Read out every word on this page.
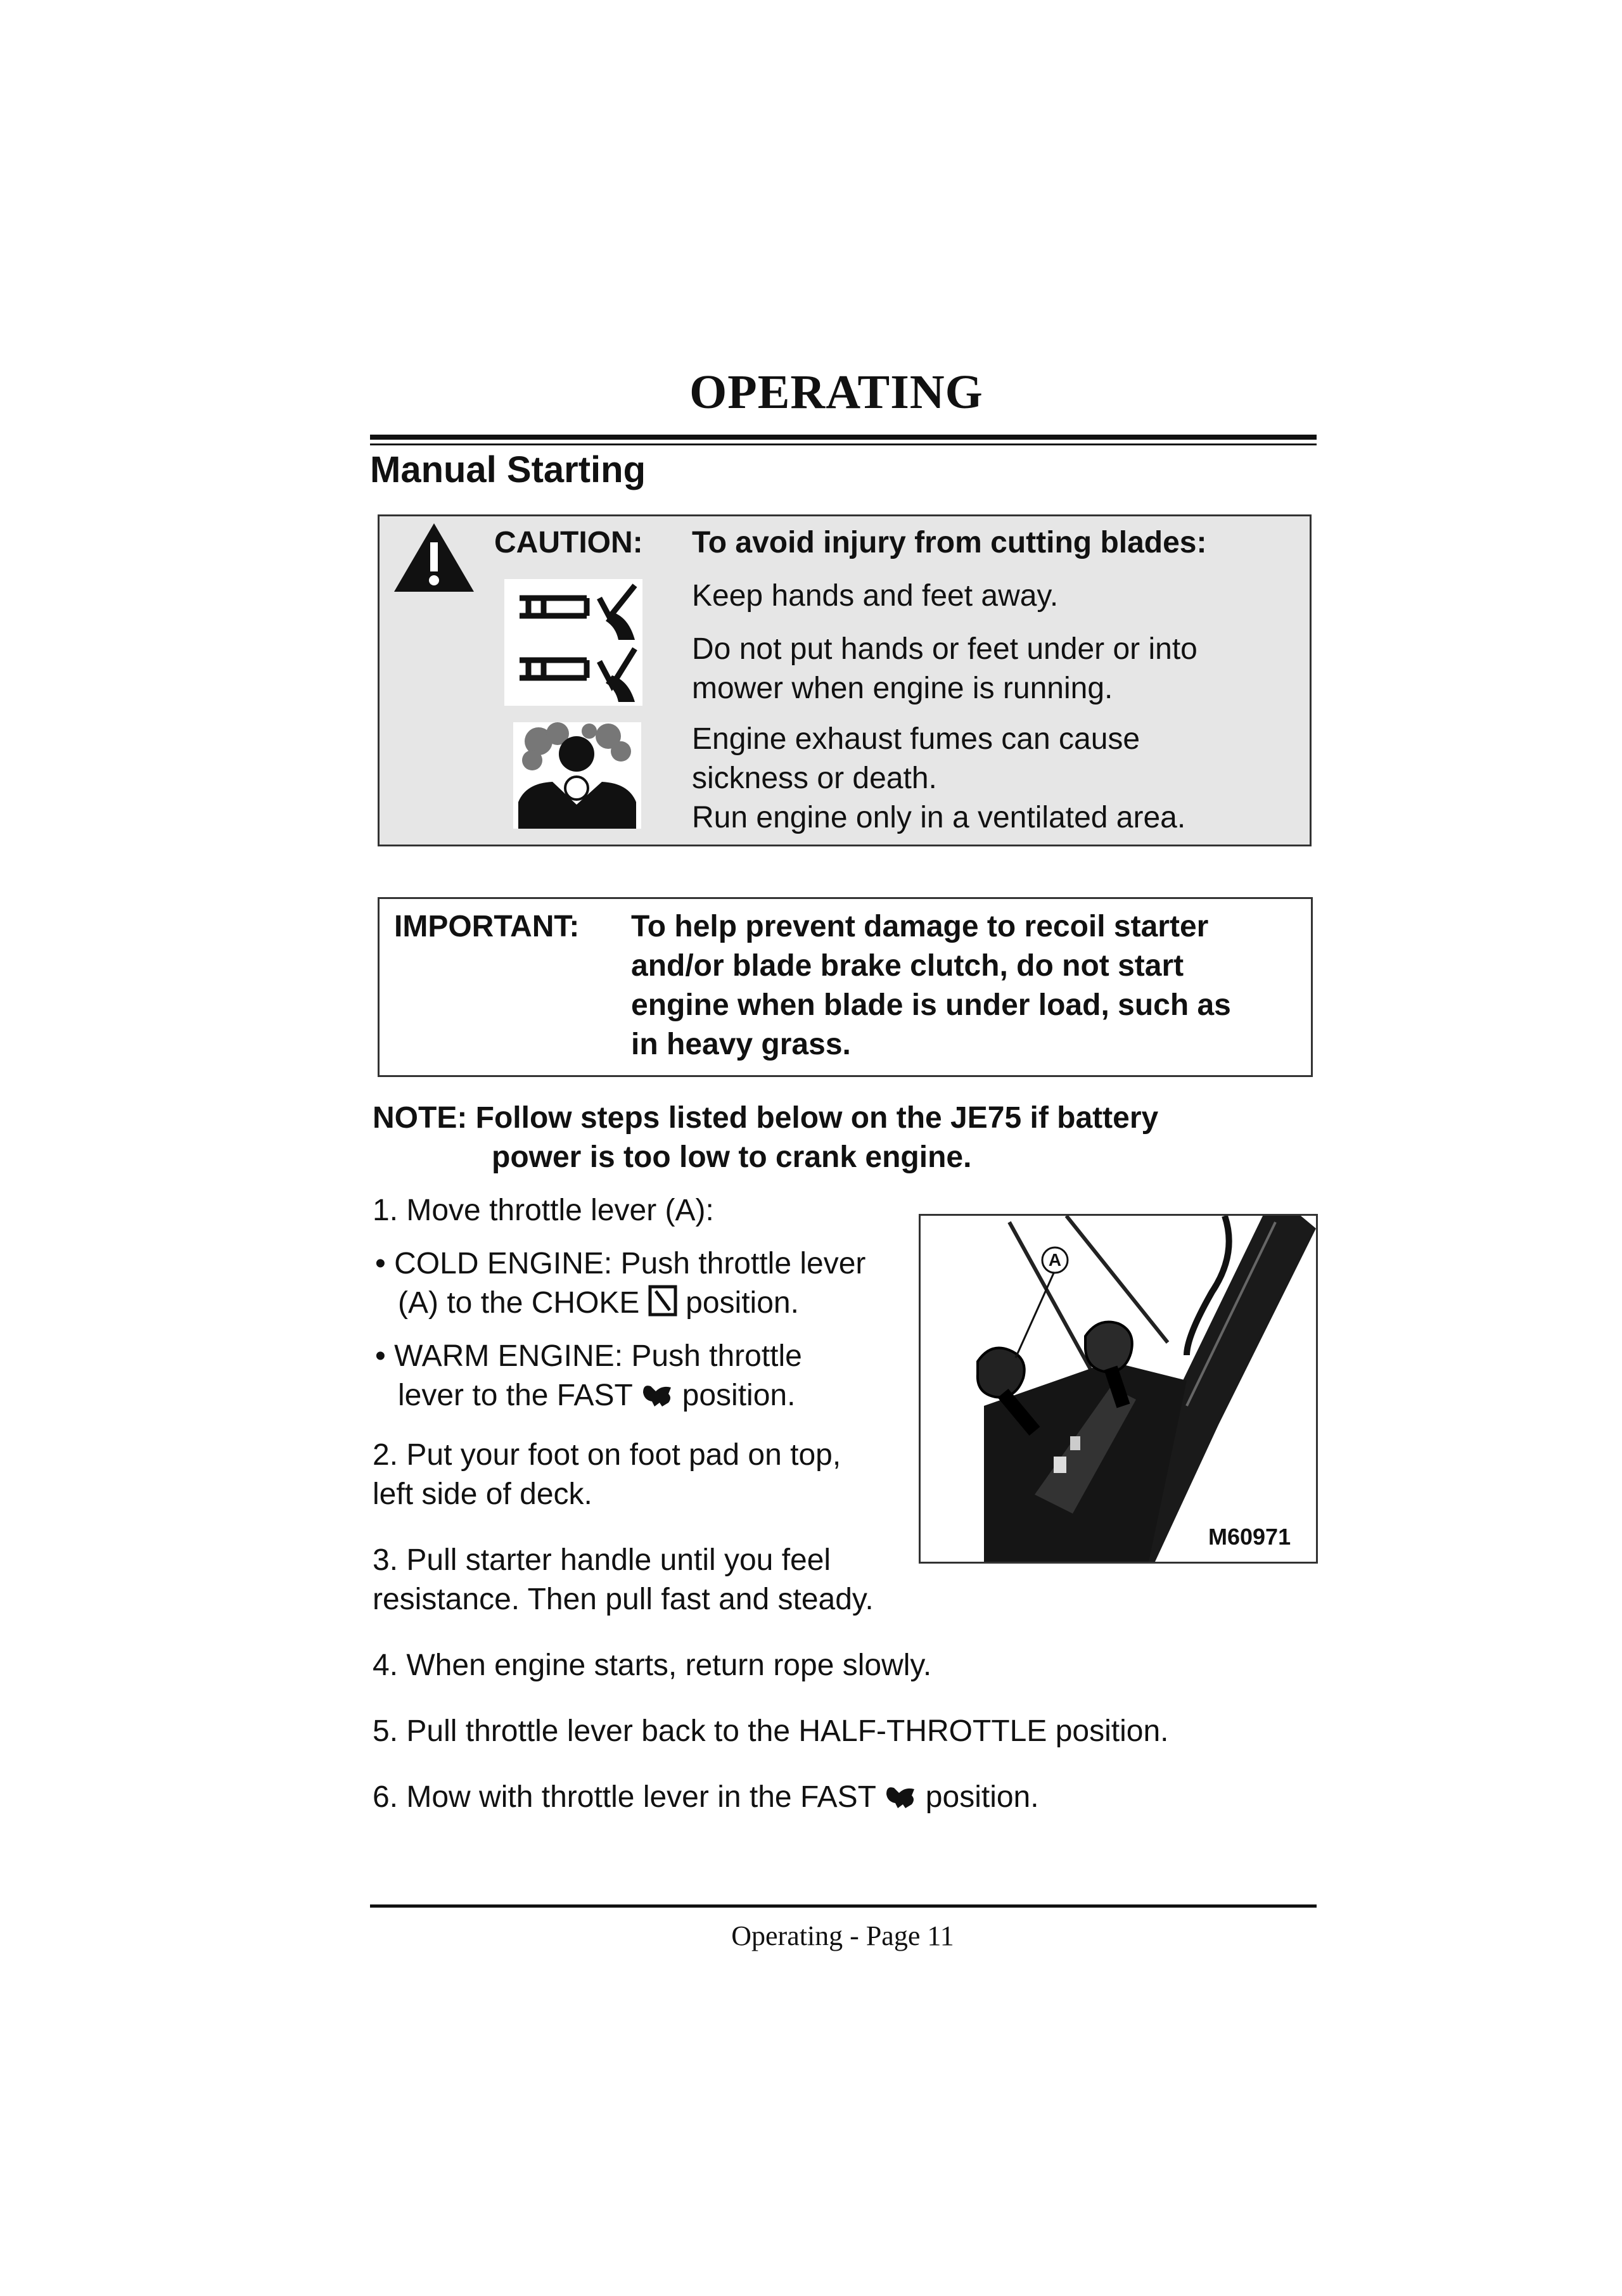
OPERATING
Manual Starting
CAUTION: To avoid injury from cutting blades:
Keep hands and feet away.
Do not put hands or feet under or into
mower when engine is running.
Engine exhaust fumes can cause
sickness or death.
Run engine only in a ventilated area.
IMPORTANT: To help prevent damage to recoil starter
and/or blade brake clutch, do not start
engine when blade is under load, such as
in heavy grass.
NOTE: Follow steps listed below on the JE75 if battery
power is too low to crank engine.
1. Move throttle lever (A):
• COLD ENGINE: Push throttle lever
(A) to the CHOKE position.
• WARM ENGINE: Push throttle
lever to the FAST position.
2. Put your foot on foot pad on top,
left side of deck.
3. Pull starter handle until you feel
resistance. Then pull fast and steady.
4. When engine starts, return rope slowly.
5. Pull throttle lever back to the HALF-THROTTLE position.
6. Mow with throttle lever in the FAST position.
A
M60971
Operating - Page 11
